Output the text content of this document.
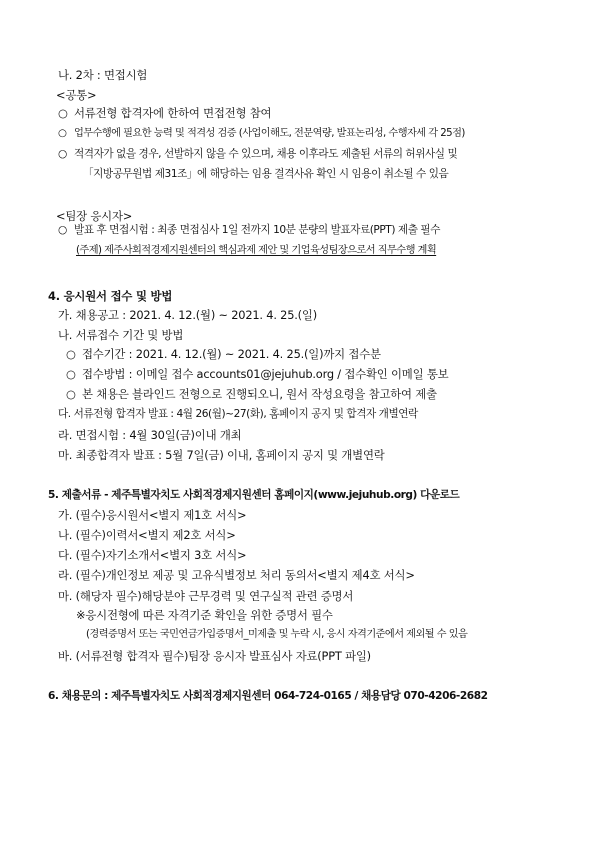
나. 2차 : 면접시험
<공통>
○ 서류전형 합격자에 한하여 면접전형 참여
○ 업무수행에 필요한 능력 및 적격성 검증 (사업이해도, 전문역량, 발표논리성, 수행자세 각 25점)
○ 적격자가 없을 경우, 선발하지 않을 수 있으며, 채용 이후라도 제출된 서류의 허위사실 및
「지방공무원법 제31조」에 해당하는 임용 결격사유 확인 시 임용이 취소될 수 있음
<팀장 응시자>
○ 발표 후 면접시험 : 최종 면접심사 1일 전까지 10분 분량의 발표자료(PPT) 제출 필수
(주제) 제주사회적경제지원센터의 핵심과제 제안 및 기업육성팀장으로서 직무수행 계획
4. 응시원서 접수 및 방법
가. 채용공고 : 2021. 4. 12.(월) ~ 2021. 4. 25.(일)
나. 서류접수 기간 및 방법
○ 접수기간 : 2021. 4. 12.(월) ~ 2021. 4. 25.(일)까지 접수분
○ 접수방법 : 이메일 접수 accounts01@jejuhub.org / 접수확인 이메일 통보
○ 본 채용은 블라인드 전형으로 진행되오니, 원서 작성요령을 참고하여 제출
다. 서류전형 합격자 발표 : 4월 26(월)~27(화), 홈페이지 공지 및 합격자 개별연락
라. 면접시험 : 4월 30일(금)이내 개최
마. 최종합격자 발표 : 5월 7일(금) 이내, 홈페이지 공지 및 개별연락
5. 제출서류 - 제주특별자치도 사회적경제지원센터 홈페이지(www.jejuhub.org) 다운로드
가. (필수)응시원서<별지 제1호 서식>
나. (필수)이력서<별지 제2호 서식>
다. (필수)자기소개서<별지 3호 서식>
라. (필수)개인정보 제공 및 고유식별정보 처리 동의서<별지 제4호 서식>
마. (해당자 필수)해당분야 근무경력 및 연구실적 관련 증명서
※응시전형에 따른 자격기준 확인을 위한 증명서 필수
(경력증명서 또는 국민연금가입증명서_미제출 및 누락 시, 응시 자격기준에서 제외될 수 있음
바. (서류전형 합격자 필수)팀장 응시자 발표심사 자료(PPT 파일)
6. 채용문의 : 제주특별자치도 사회적경제지원센터 064-724-0165 / 채용담당 070-4206-2682
